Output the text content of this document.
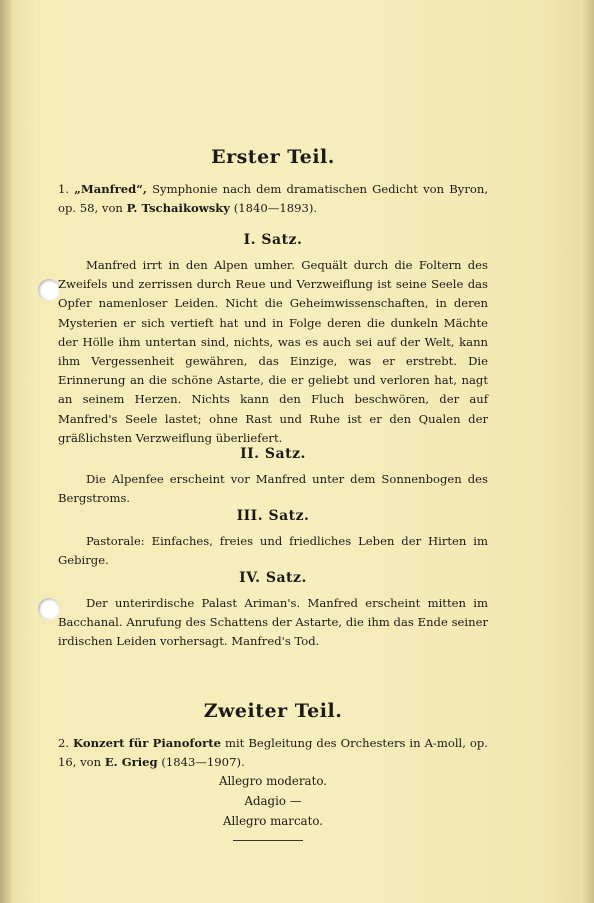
Erster Teil.
1. „Manfred“, Symphonie nach dem dramatischen Gedicht von Byron, op. 58, von P. Tschaikowsky (1840—1893).
I. Satz.
Manfred irrt in den Alpen umher. Gequält durch die Foltern des Zweifels und zerrissen durch Reue und Verzweiflung ist seine Seele das Opfer namenloser Leiden. Nicht die Geheimwissenschaften, in deren Mysterien er sich vertieft hat und in Folge deren die dunkeln Mächte der Hölle ihm untertan sind, nichts, was es auch sei auf der Welt, kann ihm Vergessenheit gewähren, das Einzige, was er erstrebt. Die Erinnerung an die schöne Astarte, die er geliebt und verloren hat, nagt an seinem Herzen. Nichts kann den Fluch beschwören, der auf Manfred's Seele lastet; ohne Rast und Ruhe ist er den Qualen der gräßlichsten Verzweiflung überliefert.
II. Satz.
Die Alpenfee erscheint vor Manfred unter dem Sonnenbogen des Bergstroms.
III. Satz.
Pastorale: Einfaches, freies und friedliches Leben der Hirten im Gebirge.
IV. Satz.
Der unterirdische Palast Ariman's. Manfred erscheint mitten im Bacchanal. Anrufung des Schattens der Astarte, die ihm das Ende seiner irdischen Leiden vorhersagt. Manfred's Tod.
Zweiter Teil.
2. Konzert für Pianoforte mit Begleitung des Orchesters in A-moll, op. 16, von E. Grieg (1843—1907).
Allegro moderato.
Adagio —
Allegro marcato.
